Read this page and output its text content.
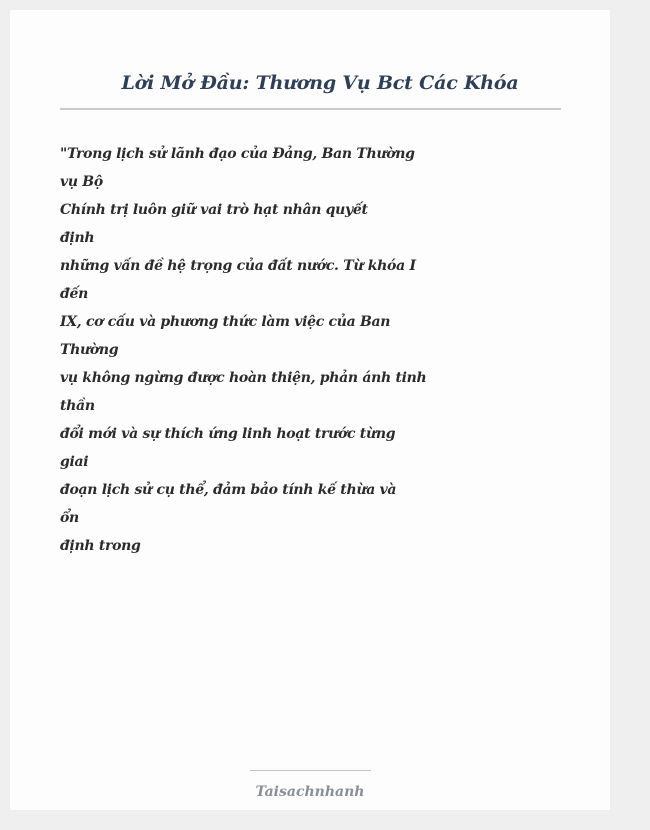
Lời Mở Đầu: Thương Vụ Bct Các Khóa
"Trong lịch sử lãnh đạo của Đảng, Ban Thường
vụ Bộ
Chính trị luôn giữ vai trò hạt nhân quyết
định
những vấn đề hệ trọng của đất nước. Từ khóa I
đến
IX, cơ cấu và phương thức làm việc của Ban
Thường
vụ không ngừng được hoàn thiện, phản ánh tinh
thần
đổi mới và sự thích ứng linh hoạt trước từng
giai
đoạn lịch sử cụ thể, đảm bảo tính kế thừa và
ổn
định trong
Taisachnhanh
